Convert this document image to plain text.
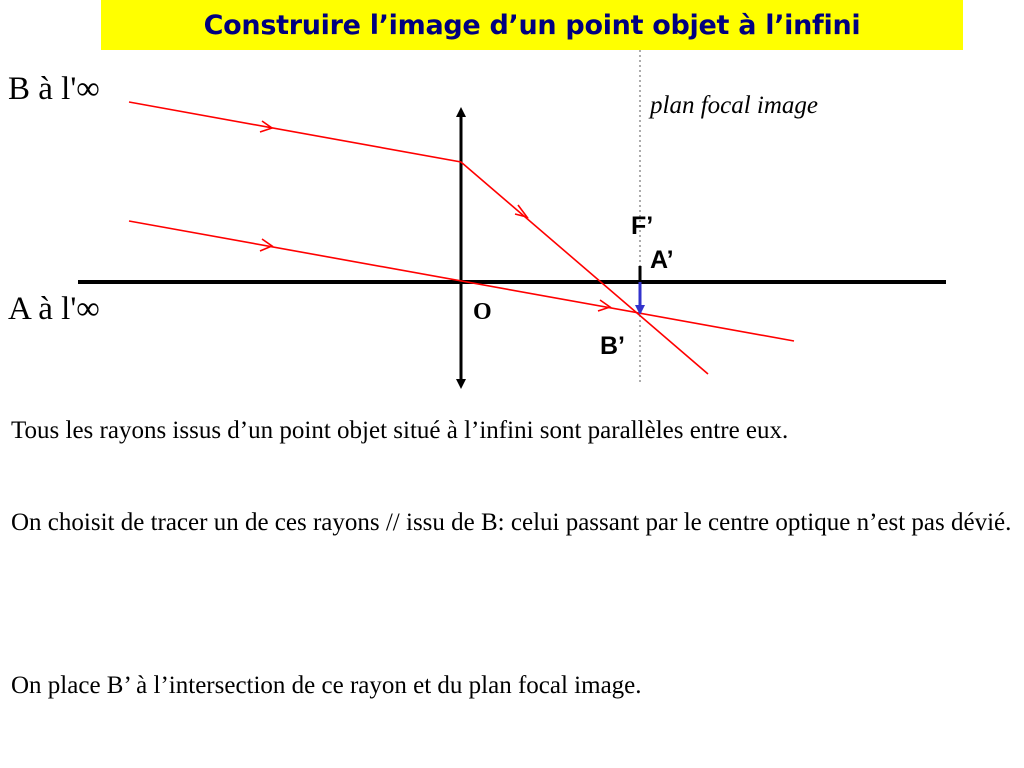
Construire l’image d’un point objet à l’infini
B à l'∞
A à l'∞
plan focal image
F’
A’
B’
O

Tous les rayons issus d’un point objet situé à l’infini sont parallèles entre eux.

On choisit de tracer un de ces rayons // issu de B: celui passant par le centre optique n’est pas dévié.

On place B’ à l’intersection de ce rayon et du plan focal image.
